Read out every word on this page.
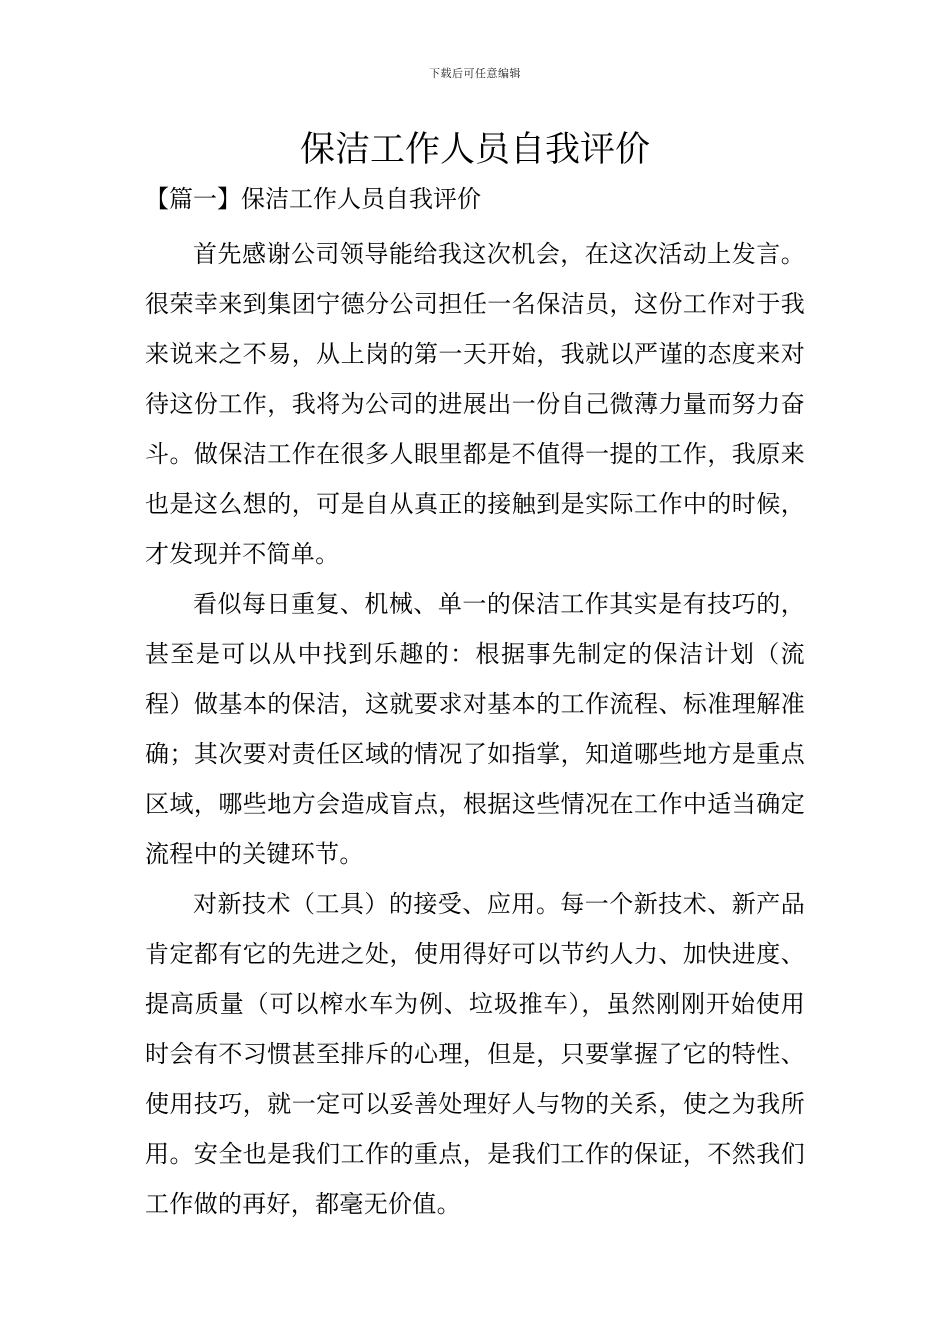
下载后可任意编辑
保洁工作人员自我评价
【篇一】保洁工作人员自我评价

首先感谢公司领导能给我这次机会，在这次活动上发言。很荣幸来到集团宁德分公司担任一名保洁员，这份工作对于我来说来之不易，从上岗的第一天开始，我就以严谨的态度来对待这份工作，我将为公司的进展出一份自己微薄力量而努力奋斗。做保洁工作在很多人眼里都是不值得一提的工作，我原来也是这么想的，可是自从真正的接触到是实际工作中的时候，才发现并不简单。

看似每日重复、机械、单一的保洁工作其实是有技巧的，甚至是可以从中找到乐趣的：根据事先制定的保洁计划（流程）做基本的保洁，这就要求对基本的工作流程、标准理解准确；其次要对责任区域的情况了如指掌，知道哪些地方是重点区域，哪些地方会造成盲点，根据这些情况在工作中适当确定流程中的关键环节。

对新技术（工具）的接受、应用。每一个新技术、新产品肯定都有它的先进之处，使用得好可以节约人力、加快进度、提高质量（可以榨水车为例、垃圾推车），虽然刚刚开始使用时会有不习惯甚至排斥的心理，但是，只要掌握了它的特性、使用技巧，就一定可以妥善处理好人与物的关系，使之为我所用。安全也是我们工作的重点，是我们工作的保证，不然我们工作做的再好，都毫无价值。
